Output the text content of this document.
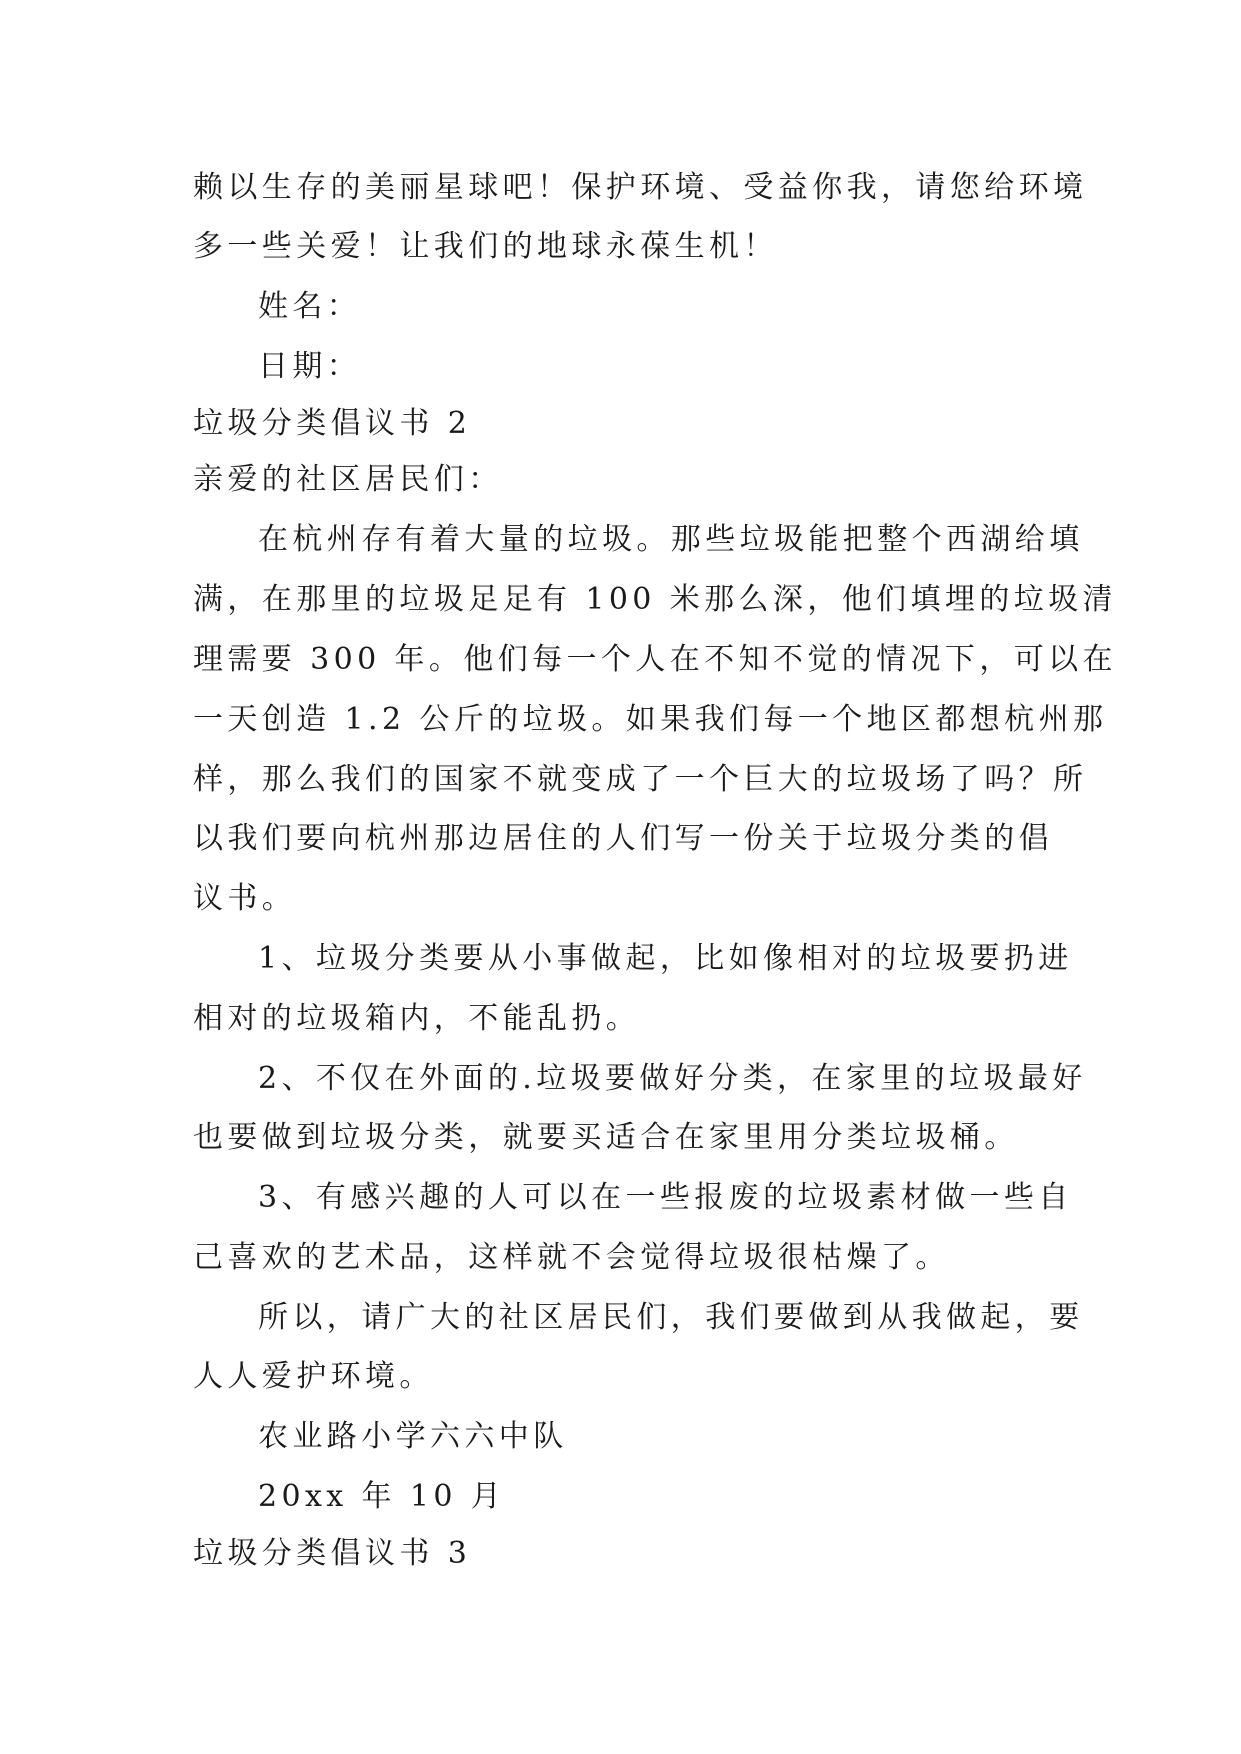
赖以生存的美丽星球吧！保护环境、受益你我，请您给环境
多一些关爱！让我们的地球永葆生机！
姓名：
日期：
垃圾分类倡议书 2
亲爱的社区居民们：
在杭州存有着大量的垃圾。那些垃圾能把整个西湖给填
满，在那里的垃圾足足有 100 米那么深，他们填埋的垃圾清
理需要 300 年。他们每一个人在不知不觉的情况下，可以在
一天创造 1.2 公斤的垃圾。如果我们每一个地区都想杭州那
样，那么我们的国家不就变成了一个巨大的垃圾场了吗？所
以我们要向杭州那边居住的人们写一份关于垃圾分类的倡
议书。
1、垃圾分类要从小事做起，比如像相对的垃圾要扔进
相对的垃圾箱内，不能乱扔。
2、不仅在外面的.垃圾要做好分类，在家里的垃圾最好
也要做到垃圾分类，就要买适合在家里用分类垃圾桶。
3、有感兴趣的人可以在一些报废的垃圾素材做一些自
己喜欢的艺术品，这样就不会觉得垃圾很枯燥了。
所以，请广大的社区居民们，我们要做到从我做起，要
人人爱护环境。
农业路小学六六中队
20xx 年 10 月
垃圾分类倡议书 3
